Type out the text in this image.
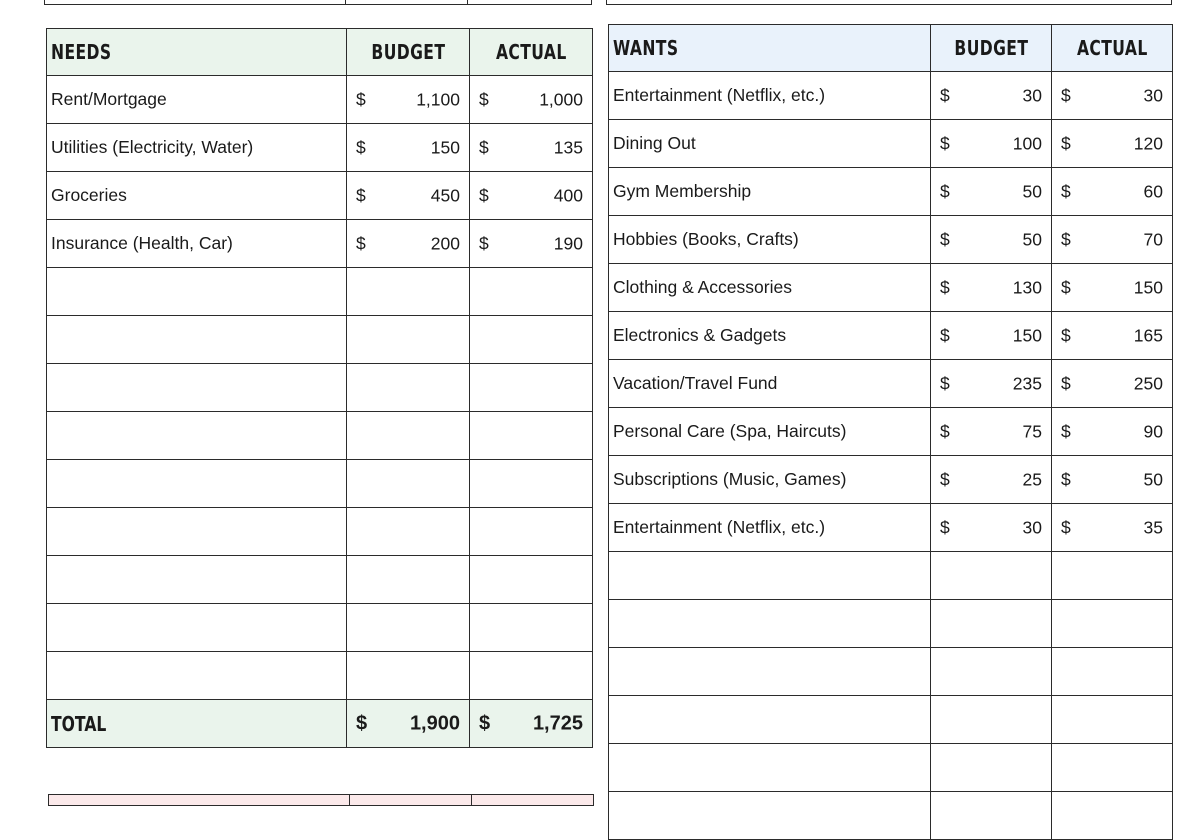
NEEDS	BUDGET	ACTUAL
Rent/Mortgage	$ 1,100	$ 1,000

Utilities (Electricity, Water)	$ 150	$ 135

Groceries	$ 450	$ 400

Insurance (Health, Car)	$ 200	$ 190

TOTAL	$ 1,900	$ 1,725
WANTS	BUDGET	ACTUAL
Entertainment (Netflix, etc.)	$ 30	$ 30

Dining Out	$ 100	$ 120

Gym Membership	$ 50	$ 60

Hobbies (Books, Crafts)	$ 50	$ 70

Clothing & Accessories	$ 130	$ 150

Electronics & Gadgets	$ 150	$ 165

Vacation/Travel Fund	$ 235	$ 250

Personal Care (Spa, Haircuts)	$ 75	$ 90

Subscriptions (Music, Games)	$ 25	$ 50

Entertainment (Netflix, etc.)	$ 30	$ 35
